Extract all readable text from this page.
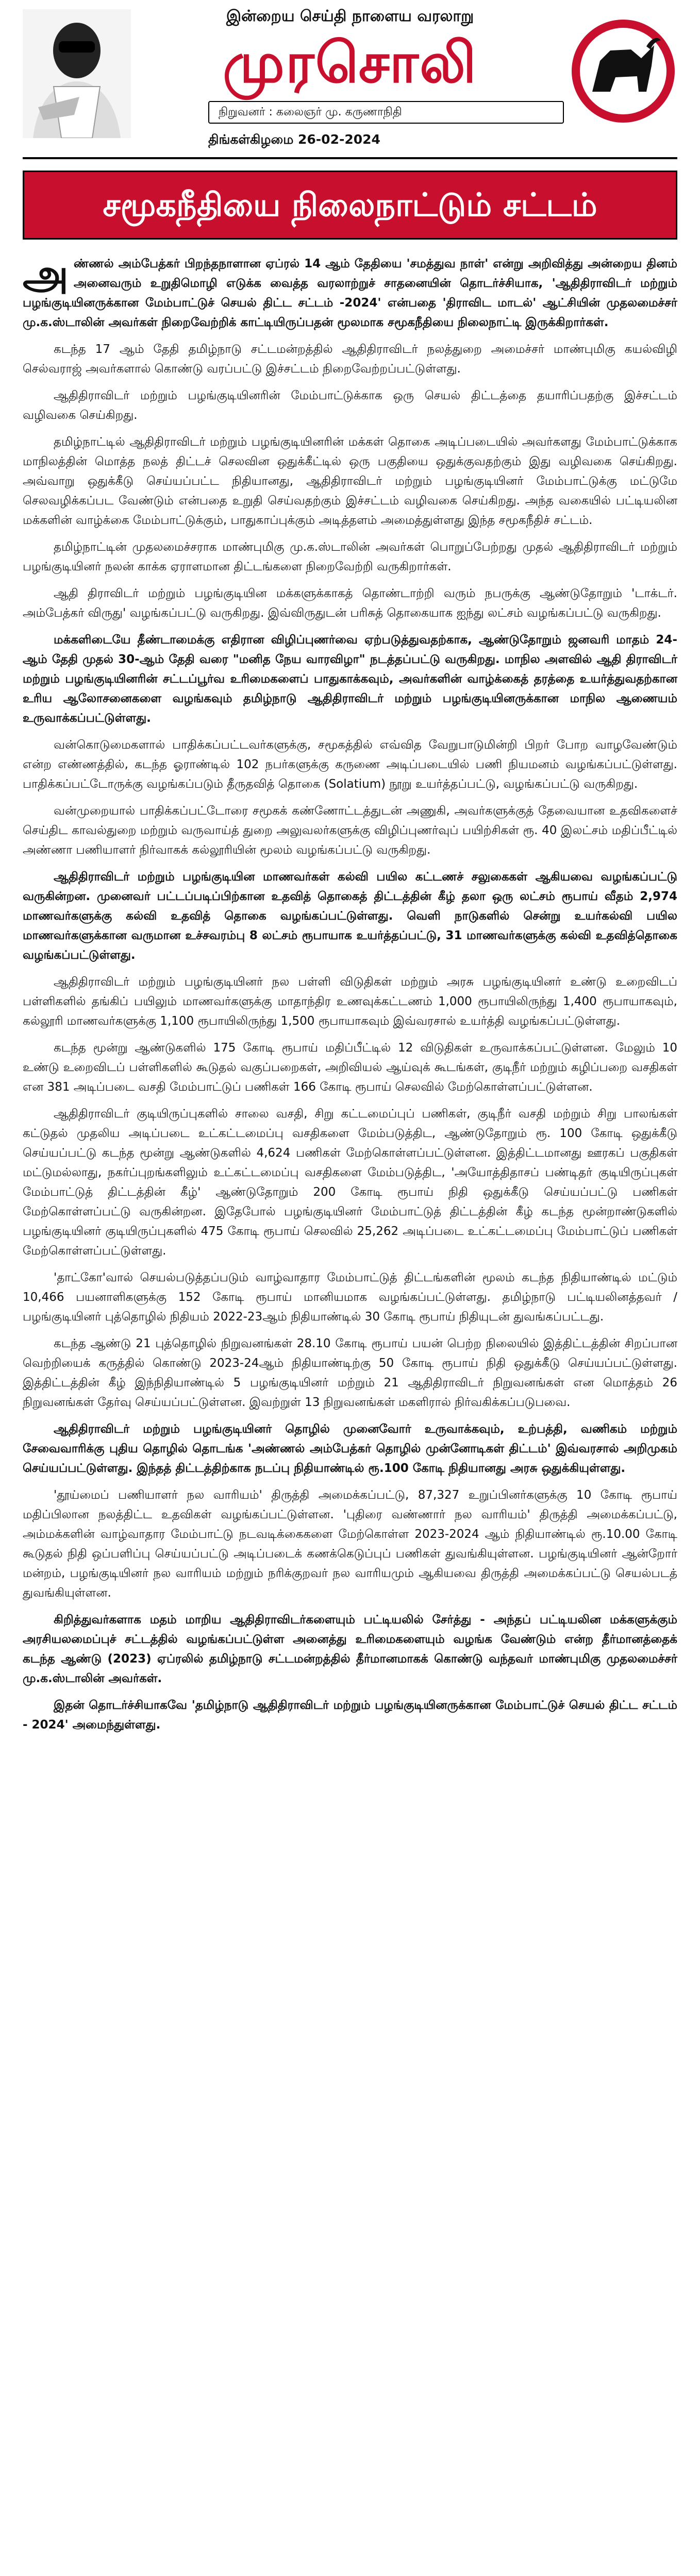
இன்றைய செய்தி நாளைய வரலாறு
முரசொலி
நிறுவனர் : கலைஞர் மு. கருணாநிதி
திங்கள்கிழமை 26-02-2024
சமூகநீதியை நிலைநாட்டும் சட்டம்

அண்ணல் அம்பேத்கர் பிறந்தநாளான ஏப்ரல் 14 ஆம் தேதியை 'சமத்துவ நாள்' என்று அறிவித்து அன்றைய தினம் அனைவரும் உறுதிமொழி எடுக்க வைத்த வரலாற்றுச் சாதனையின் தொடர்ச்சியாக, 'ஆதிதிராவிடர் மற்றும் பழங்குடியினருக்கான மேம்பாட்டுச் செயல் திட்ட சட்டம் -2024' என்பதை 'திராவிட மாடல்' ஆட்சியின் முதலமைச்சர் மு.க.ஸ்டாலின் அவர்கள் நிறைவேற்றிக் காட்டியிருப்பதன் மூலமாக சமூகநீதியை நிலைநாட்டி இருக்கிறார்கள்.

கடந்த 17 ஆம் தேதி தமிழ்நாடு சட்டமன்றத்தில் ஆதிதிராவிடர் நலத்துறை அமைச்சர் மாண்புமிகு கயல்விழி செல்வராஜ் அவர்களால் கொண்டு வரப்பட்டு இச்சட்டம் நிறைவேற்றப்பட்டுள்ளது.

ஆதிதிராவிடர் மற்றும் பழங்குடியினரின் மேம்பாட்டுக்காக ஒரு செயல் திட்டத்தை தயாரிப்பதற்கு இச்சட்டம் வழிவகை செய்கிறது.

தமிழ்நாட்டில் ஆதிதிராவிடர் மற்றும் பழங்குடியினரின் மக்கள் தொகை அடிப்படையில் அவர்களது மேம்பாட்டுக்காக மாநிலத்தின் மொத்த நலத் திட்டச் செலவின ஒதுக்கீட்டில் ஒரு பகுதியை ஒதுக்குவதற்கும் இது வழிவகை செய்கிறது. அவ்வாறு ஒதுக்கீடு செய்யப்பட்ட நிதியானது, ஆதிதிராவிடர் மற்றும் பழங்குடியினர் மேம்பாட்டுக்கு மட்டுமே செலவழிக்கப்பட வேண்டும் என்பதை உறுதி செய்வதற்கும் இச்சட்டம் வழிவகை செய்கிறது. அந்த வகையில் பட்டியலின மக்களின் வாழ்க்கை மேம்பாட்டுக்கும், பாதுகாப்புக்கும் அடித்தளம் அமைத்துள்ளது இந்த சமூகநீதிச் சட்டம்.

தமிழ்நாட்டின் முதலமைச்சராக மாண்புமிகு மு.க.ஸ்டாலின் அவர்கள் பொறுப்பேற்றது முதல் ஆதிதிராவிடர் மற்றும் பழங்குடியினர் நலன் காக்க ஏராளமான திட்டங்களை நிறைவேற்றி வருகிறார்கள்.

ஆதி திராவிடர் மற்றும் பழங்குடியின மக்களுக்காகத் தொண்டாற்றி வரும் நபருக்கு ஆண்டுதோறும் 'டாக்டர். அம்பேத்கர் விருது' வழங்கப்பட்டு வருகிறது. இவ்விருதுடன் பரிசுத் தொகையாக ஐந்து லட்சம் வழங்கப்பட்டு வருகிறது.

மக்களிடையே தீண்டாமைக்கு எதிரான விழிப்புணர்வை ஏற்படுத்துவதற்காக, ஆண்டுதோறும் ஜனவரி மாதம் 24-ஆம் தேதி முதல் 30-ஆம் தேதி வரை "மனித நேய வாரவிழா" நடத்தப்பட்டு வருகிறது. மாநில அளவில் ஆதி திராவிடர் மற்றும் பழங்குடியினரின் சட்டப்பூர்வ உரிமைகளைப் பாதுகாக்கவும், அவர்களின் வாழ்க்கைத் தரத்தை உயர்த்துவதற்கான உரிய ஆலோசனைகளை வழங்கவும் தமிழ்நாடு ஆதிதிராவிடர் மற்றும் பழங்குடியினருக்கான மாநில ஆணையம் உருவாக்கப்பட்டுள்ளது.

வன்கொடுமைகளால் பாதிக்கப்பட்டவர்களுக்கு, சமூகத்தில் எவ்வித வேறுபாடுமின்றி பிறர் போற வாழவேண்டும் என்ற எண்ணத்தில், கடந்த ஓராண்டில் 102 நபர்களுக்கு கருணை அடிப்படையில் பணி நியமனம் வழங்கப்பட்டுள்ளது. பாதிக்கப்பட்டோருக்கு வழங்கப்படும் தீருதவித் தொகை (Solatium) நூறு உயர்த்தப்பட்டு, வழங்கப்பட்டு வருகிறது.

வன்முறையால் பாதிக்கப்பட்டோரை சமூகக் கண்ணோட்டத்துடன் அணுகி, அவர்களுக்குத் தேவையான உதவிகளைச் செய்திட காவல்துறை மற்றும் வருவாய்த் துறை அலுவலர்களுக்கு விழிப்புணர்வுப் பயிற்சிகள் ரூ. 40 இலட்சம் மதிப்பீட்டில் அண்ணா பணியாளர் நிர்வாகக் கல்லூரியின் மூலம் வழங்கப்பட்டு வருகிறது.

ஆதிதிராவிடர் மற்றும் பழங்குடியின மாணவர்கள் கல்வி பயில கட்டணச் சலுகைகள் ஆகியவை வழங்கப்பட்டு வருகின்றன. முனைவர் பட்டப்படிப்பிற்கான உதவித் தொகைத் திட்டத்தின் கீழ் தலா ஒரு லட்சம் ரூபாய் வீதம் 2,974 மாணவர்களுக்கு கல்வி உதவித் தொகை வழங்கப்பட்டுள்ளது. வெளி நாடுகளில் சென்று உயர்கல்வி பயில மாணவர்களுக்கான வருமான உச்சவரம்பு 8 லட்சம் ரூபாயாக உயர்த்தப்பட்டு, 31 மாணவர்களுக்கு கல்வி உதவித்தொகை வழங்கப்பட்டுள்ளது.

ஆதிதிராவிடர் மற்றும் பழங்குடியினர் நல பள்ளி விடுதிகள் மற்றும் அரசு பழங்குடியினர் உண்டு உறைவிடப் பள்ளிகளில் தங்கிப் பயிலும் மாணவர்களுக்கு மாதாந்திர உணவுக்கட்டணம் 1,000 ரூபாயிலிருந்து 1,400 ரூபாயாகவும், கல்லூரி மாணவர்களுக்கு 1,100 ரூபாயிலிருந்து 1,500 ரூபாயாகவும் இவ்வரசால் உயர்த்தி வழங்கப்பட்டுள்ளது.

கடந்த மூன்று ஆண்டுகளில் 175 கோடி ரூபாய் மதிப்பீட்டில் 12 விடுதிகள் உருவாக்கப்பட்டுள்ளன. மேலும் 10 உண்டு உறைவிடப் பள்ளிகளில் கூடுதல் வகுப்பறைகள், அறிவியல் ஆய்வுக் கூடங்கள், குடிநீர் மற்றும் கழிப்பறை வசதிகள் என 381 அடிப்படை வசதி மேம்பாட்டுப் பணிகள் 166 கோடி ரூபாய் செலவில் மேற்கொள்ளப்பட்டுள்ளன.

ஆதிதிராவிடர் குடியிருப்புகளில் சாலை வசதி, சிறு கட்டமைப்புப் பணிகள், குடிநீர் வசதி மற்றும் சிறு பாலங்கள் கட்டுதல் முதலிய அடிப்படை உட்கட்டமைப்பு வசதிகளை மேம்படுத்திட, ஆண்டுதோறும் ரூ. 100 கோடி ஒதுக்கீடு செய்யப்பட்டு கடந்த மூன்று ஆண்டுகளில் 4,624 பணிகள் மேற்கொள்ளப்பட்டுள்ளன. இத்திட்டமானது ஊரகப் பகுதிகள் மட்டுமல்லாது, நகர்ப்புறங்களிலும் உட்கட்டமைப்பு வசதிகளை மேம்படுத்திட, 'அயோத்திதாசப் பண்டிதர் குடியிருப்புகள் மேம்பாட்டுத் திட்டத்தின் கீழ்' ஆண்டுதோறும் 200 கோடி ரூபாய் நிதி ஒதுக்கீடு செய்யப்பட்டு பணிகள் மேற்கொள்ளப்பட்டு வருகின்றன. இதேபோல் பழங்குடியினர் மேம்பாட்டுத் திட்டத்தின் கீழ் கடந்த மூன்றாண்டுகளில் பழங்குடியினர் குடியிருப்புகளில் 475 கோடி ரூபாய் செலவில் 25,262 அடிப்படை உட்கட்டமைப்பு மேம்பாட்டுப் பணிகள் மேற்கொள்ளப்பட்டுள்ளது.

'தாட்கோ'வால் செயல்படுத்தப்படும் வாழ்வாதார மேம்பாட்டுத் திட்டங்களின் மூலம் கடந்த நிதியாண்டில் மட்டும் 10,466 பயனாளிகளுக்கு 152 கோடி ரூபாய் மானியமாக வழங்கப்பட்டுள்ளது. தமிழ்நாடு பட்டியலினத்தவர் / பழங்குடியினர் புத்தொழில் நிதியம் 2022-23ஆம் நிதியாண்டில் 30 கோடி ரூபாய் நிதியுடன் துவங்கப்பட்டது.

கடந்த ஆண்டு 21 புத்தொழில் நிறுவனங்கள் 28.10 கோடி ரூபாய் பயன் பெற்ற நிலையில் இத்திட்டத்தின் சிறப்பான வெற்றியைக் கருத்தில் கொண்டு 2023-24ஆம் நிதியாண்டிற்கு 50 கோடி ரூபாய் நிதி ஒதுக்கீடு செய்யப்பட்டுள்ளது. இத்திட்டத்தின் கீழ் இந்நிதியாண்டில் 5 பழங்குடியினர் மற்றும் 21 ஆதிதிராவிடர் நிறுவனங்கள் என மொத்தம் 26 நிறுவனங்கள் தேர்வு செய்யப்பட்டுள்ளன. இவற்றுள் 13 நிறுவனங்கள் மகளிரால் நிர்வகிக்கப்படுபவை.

ஆதிதிராவிடர் மற்றும் பழங்குடியினர் தொழில் முனைவோர் உருவாக்கவும், உற்பத்தி, வணிகம் மற்றும் சேவைவாரிக்கு புதிய தொழில் தொடங்க 'அண்ணல் அம்பேத்கர் தொழில் முன்னோடிகள் திட்டம்' இவ்வரசால் அறிமுகம் செய்யப்பட்டுள்ளது. இந்தத் திட்டத்திற்காக நடப்பு நிதியாண்டில் ரூ.100 கோடி நிதியானது அரசு ஒதுக்கியுள்ளது.

'தூய்மைப் பணியாளர் நல வாரியம்' திருத்தி அமைக்கப்பட்டு, 87,327 உறுப்பினர்களுக்கு 10 கோடி ரூபாய் மதிப்பிலான நலத்திட்ட உதவிகள் வழங்கப்பட்டுள்ளன. 'புதிரை வண்ணார் நல வாரியம்' திருத்தி அமைக்கப்பட்டு, அம்மக்களின் வாழ்வாதார மேம்பாட்டு நடவடிக்கைகளை மேற்கொள்ள 2023-2024 ஆம் நிதியாண்டில் ரூ.10.00 கோடி கூடுதல் நிதி ஒப்பளிப்பு செய்யப்பட்டு அடிப்படைக் கணக்கெடுப்புப் பணிகள் துவங்கியுள்ளன. பழங்குடியினர் ஆன்றோர் மன்றம், பழங்குடியினர் நல வாரியம் மற்றும் நரிக்குறவர் நல வாரியமும் ஆகியவை திருத்தி அமைக்கப்பட்டு செயல்படத் துவங்கியுள்ளன.

கிறித்துவர்களாக மதம் மாறிய ஆதிதிராவிடர்களையும் பட்டியலில் சேர்த்து - அந்தப் பட்டியலின மக்களுக்கும் அரசியலமைப்புச் சட்டத்தில் வழங்கப்பட்டுள்ள அனைத்து உரிமைகளையும் வழங்க வேண்டும் என்ற தீர்மானத்தைக் கடந்த ஆண்டு (2023) ஏப்ரலில் தமிழ்நாடு சட்டமன்றத்தில் தீர்மானமாகக் கொண்டு வந்தவர் மாண்புமிகு முதலமைச்சர் மு.க.ஸ்டாலின் அவர்கள்.

இதன் தொடர்ச்சியாகவே 'தமிழ்நாடு ஆதிதிராவிடர் மற்றும் பழங்குடியினருக்கான மேம்பாட்டுச் செயல் திட்ட சட்டம் - 2024' அமைந்துள்ளது.
